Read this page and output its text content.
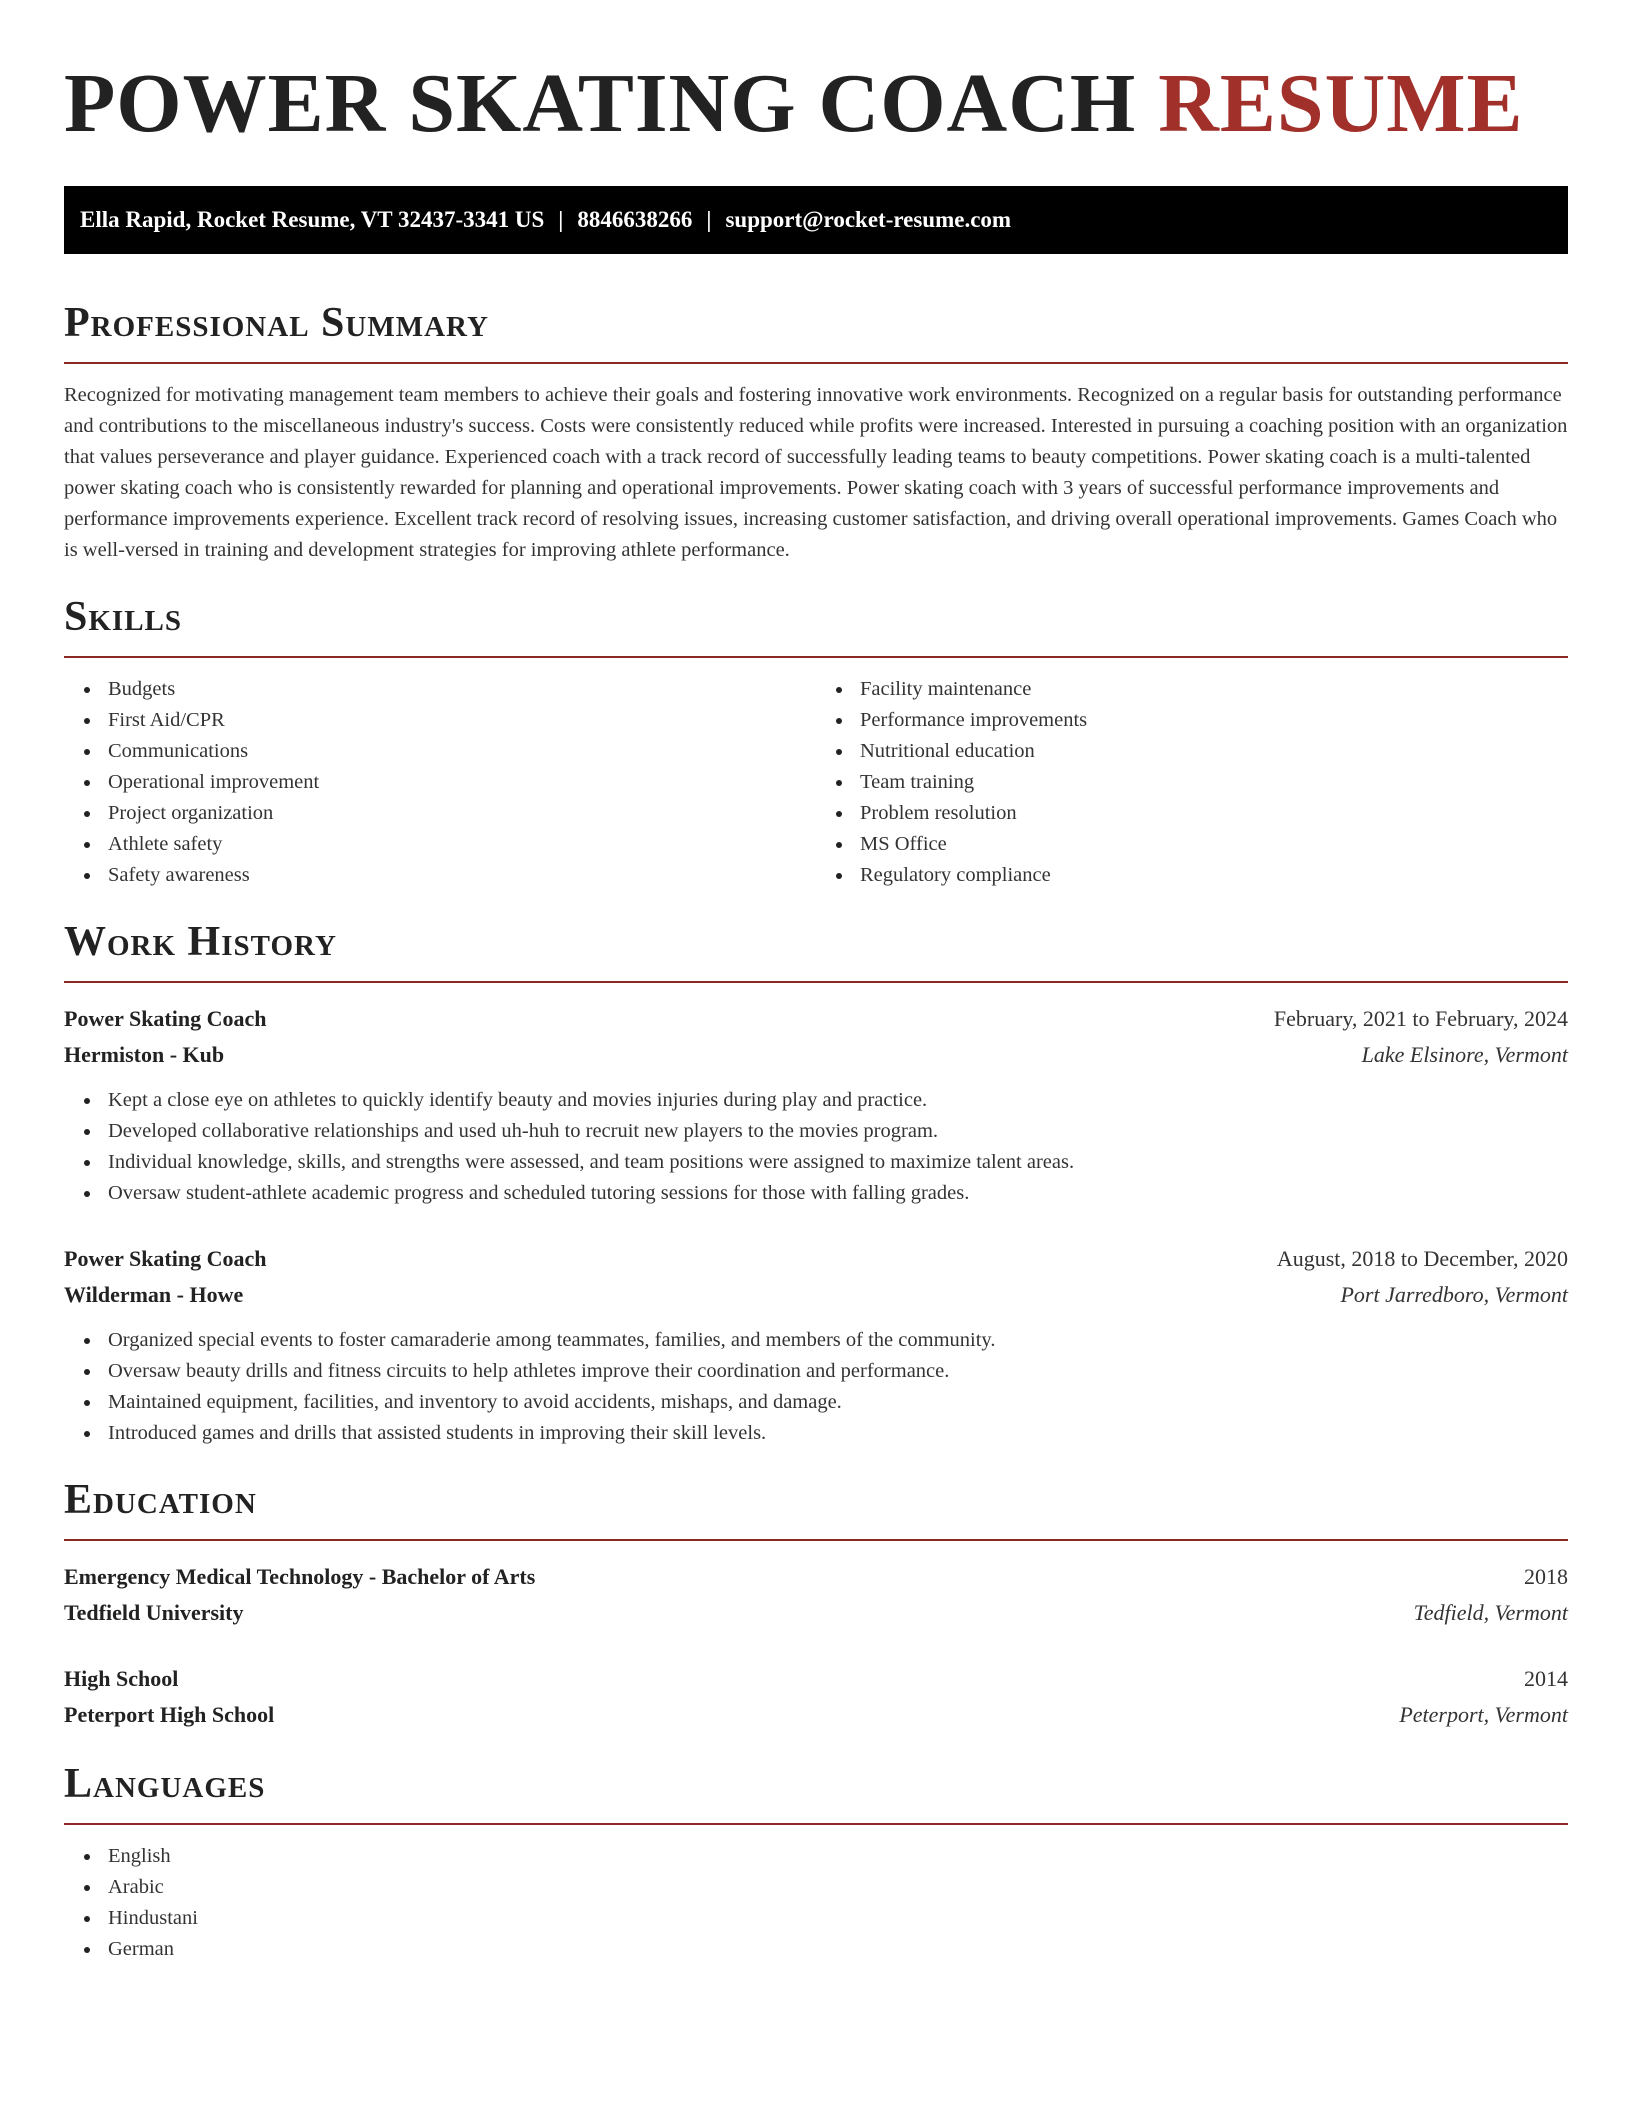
POWER SKATING COACH RESUME
Ella Rapid, Rocket Resume, VT 32437-3341 US | 8846638266 | support@rocket-resume.com
Professional Summary

Recognized for motivating management team members to achieve their goals and fostering innovative work environments. Recognized on a regular basis for outstanding performance and contributions to the miscellaneous industry's success. Costs were consistently reduced while profits were increased. Interested in pursuing a coaching position with an organization that values perseverance and player guidance. Experienced coach with a track record of successfully leading teams to beauty competitions. Power skating coach is a multi-talented power skating coach who is consistently rewarded for planning and operational improvements. Power skating coach with 3 years of successful performance improvements and performance improvements experience. Excellent track record of resolving issues, increasing customer satisfaction, and driving overall operational improvements. Games Coach who is well-versed in training and development strategies for improving athlete performance.

Skills
Budgets
First Aid/CPR
Communications
Operational improvement
Project organization
Athlete safety
Safety awareness
Facility maintenance
Performance improvements
Nutritional education
Team training
Problem resolution
MS Office
Regulatory compliance
Work History
Power Skating Coach	February, 2021 to February, 2024
Hermiston - Kub	Lake Elsinore, Vermont
Kept a close eye on athletes to quickly identify beauty and movies injuries during play and practice.
Developed collaborative relationships and used uh-huh to recruit new players to the movies program.
Individual knowledge, skills, and strengths were assessed, and team positions were assigned to maximize talent areas.
Oversaw student-athlete academic progress and scheduled tutoring sessions for those with falling grades.
Power Skating Coach	August, 2018 to December, 2020
Wilderman - Howe	Port Jarredboro, Vermont
Organized special events to foster camaraderie among teammates, families, and members of the community.
Oversaw beauty drills and fitness circuits to help athletes improve their coordination and performance.
Maintained equipment, facilities, and inventory to avoid accidents, mishaps, and damage.
Introduced games and drills that assisted students in improving their skill levels.
Education
Emergency Medical Technology - Bachelor of Arts	2018
Tedfield University	Tedfield, Vermont
High School	2014
Peterport High School	Peterport, Vermont
Languages
English
Arabic
Hindustani
German
